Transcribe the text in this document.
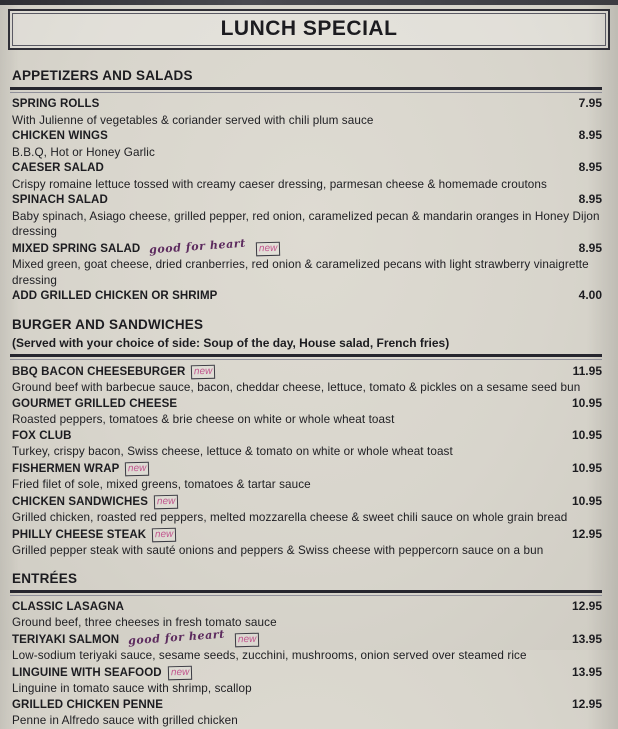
LUNCH SPECIAL
APPETIZERS AND SALADS
SPRING ROLLS	7.95
With Julienne of vegetables & coriander served with chili plum sauce
CHICKEN WINGS	8.95
B.B.Q, Hot or Honey Garlic
CAESER SALAD	8.95
Crispy romaine lettuce tossed with creamy caeser dressing, parmesan cheese & homemade croutons
SPINACH SALAD	8.95
Baby spinach, Asiago cheese, grilled pepper, red onion, caramelized pecan & mandarin oranges in Honey Dijon dressing
MIXED SPRING SALAD good for heart new	8.95
Mixed green, goat cheese, dried cranberries, red onion & caramelized pecans with light strawberry vinaigrette dressing
ADD GRILLED CHICKEN OR SHRIMP	4.00
BURGER AND SANDWICHES
(Served with your choice of side: Soup of the day, House salad, French fries)
BBQ BACON CHEESEBURGER new	11.95
Ground beef with barbecue sauce, bacon, cheddar cheese, lettuce, tomato & pickles on a sesame seed bun
GOURMET GRILLED CHEESE	10.95
Roasted peppers, tomatoes & brie cheese on white or whole wheat toast
FOX CLUB	10.95
Turkey, crispy bacon, Swiss cheese, lettuce & tomato on white or whole wheat toast
FISHERMEN WRAP new	10.95
Fried filet of sole, mixed greens, tomatoes & tartar sauce
CHICKEN SANDWICHES new	10.95
Grilled chicken, roasted red peppers, melted mozzarella cheese & sweet chili sauce on whole grain bread
PHILLY CHEESE STEAK new	12.95
Grilled pepper steak with sauté onions and peppers & Swiss cheese with peppercorn sauce on a bun
ENTRÉES
CLASSIC LASAGNA	12.95
Ground beef, three cheeses in fresh tomato sauce
TERIYAKI SALMON good for heart new	13.95
Low-sodium teriyaki sauce, sesame seeds, zucchini, mushrooms, onion served over steamed rice
LINGUINE WITH SEAFOOD new	13.95
Linguine in tomato sauce with shrimp, scallop
GRILLED CHICKEN PENNE	12.95
Penne in Alfredo sauce with grilled chicken
